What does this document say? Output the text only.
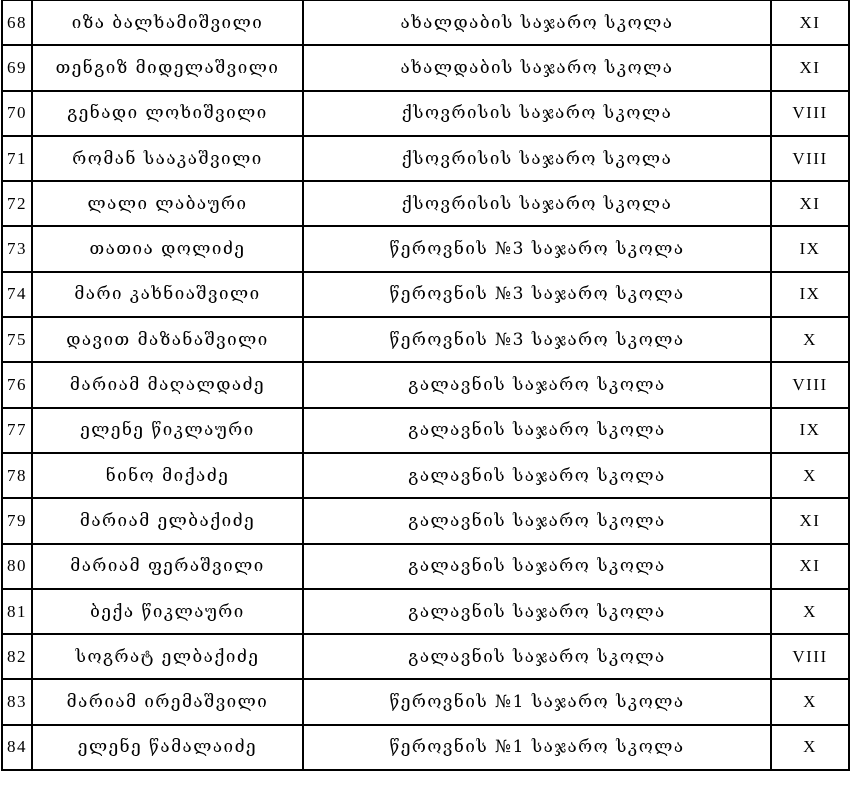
68	იზა ბალხამიშვილი	ახალდაბის საჯარო სკოლა	XI
69	თენგიზ მიდელაშვილი	ახალდაბის საჯარო სკოლა	XI
70	გენადი ლოხიშვილი	ქსოვრისის საჯარო სკოლა	VIII
71	რომან სააკაშვილი	ქსოვრისის საჯარო სკოლა	VIII
72	ლალი ლაბაური	ქსოვრისის საჯარო სკოლა	XI
73	თათია დოლიძე	წეროვნის №3 საჯარო სკოლა	IX
74	მარი კახნიაშვილი	წეროვნის №3 საჯარო სკოლა	IX
75	დავით მაზანაშვილი	წეროვნის №3 საჯარო სკოლა	X
76	მარიამ მაღალდაძე	გალავნის საჯარო სკოლა	VIII
77	ელენე წიკლაური	გალავნის საჯარო სკოლა	IX
78	ნინო მიქაძე	გალავნის საჯარო სკოლა	X
79	მარიამ ელბაქიძე	გალავნის საჯარო სკოლა	XI
80	მარიამ ფერაშვილი	გალავნის საჯარო სკოლა	XI
81	ბექა წიკლაური	გალავნის საჯარო სკოლა	X
82	სოგრატ ელბაქიძე	გალავნის საჯარო სკოლა	VIII
83	მარიამ ირემაშვილი	წეროვნის №1 საჯარო სკოლა	X
84	ელენე წამალაიძე	წეროვნის №1 საჯარო სკოლა	X
